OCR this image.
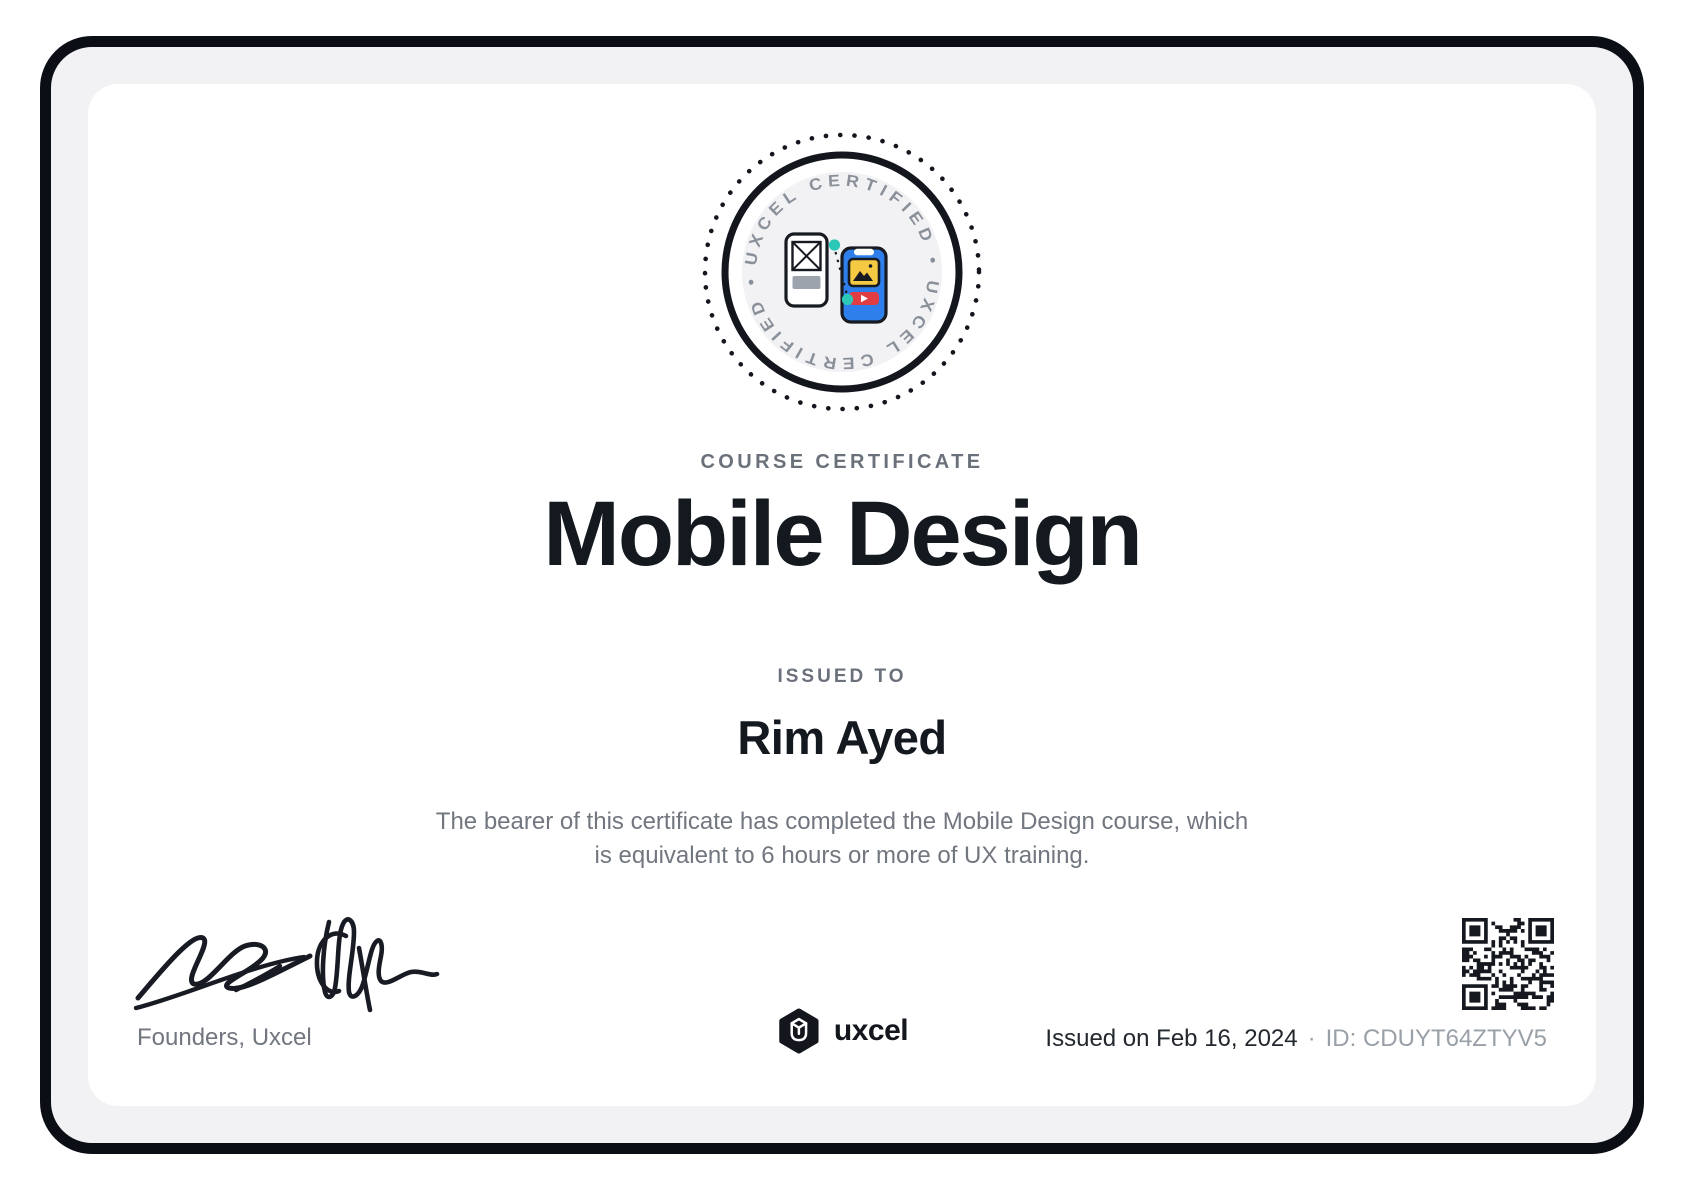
UXCEL CERTIFIED • UXCEL CERTIFIED •
COURSE CERTIFICATE
Mobile Design
ISSUED TO
Rim Ayed
The bearer of this certificate has completed the Mobile Design course, which
is equivalent to 6 hours or more of UX training.
Founders, Uxcel	uxcel	Issued on Feb 16, 2024 · ID: CDUYT64ZTYV5
